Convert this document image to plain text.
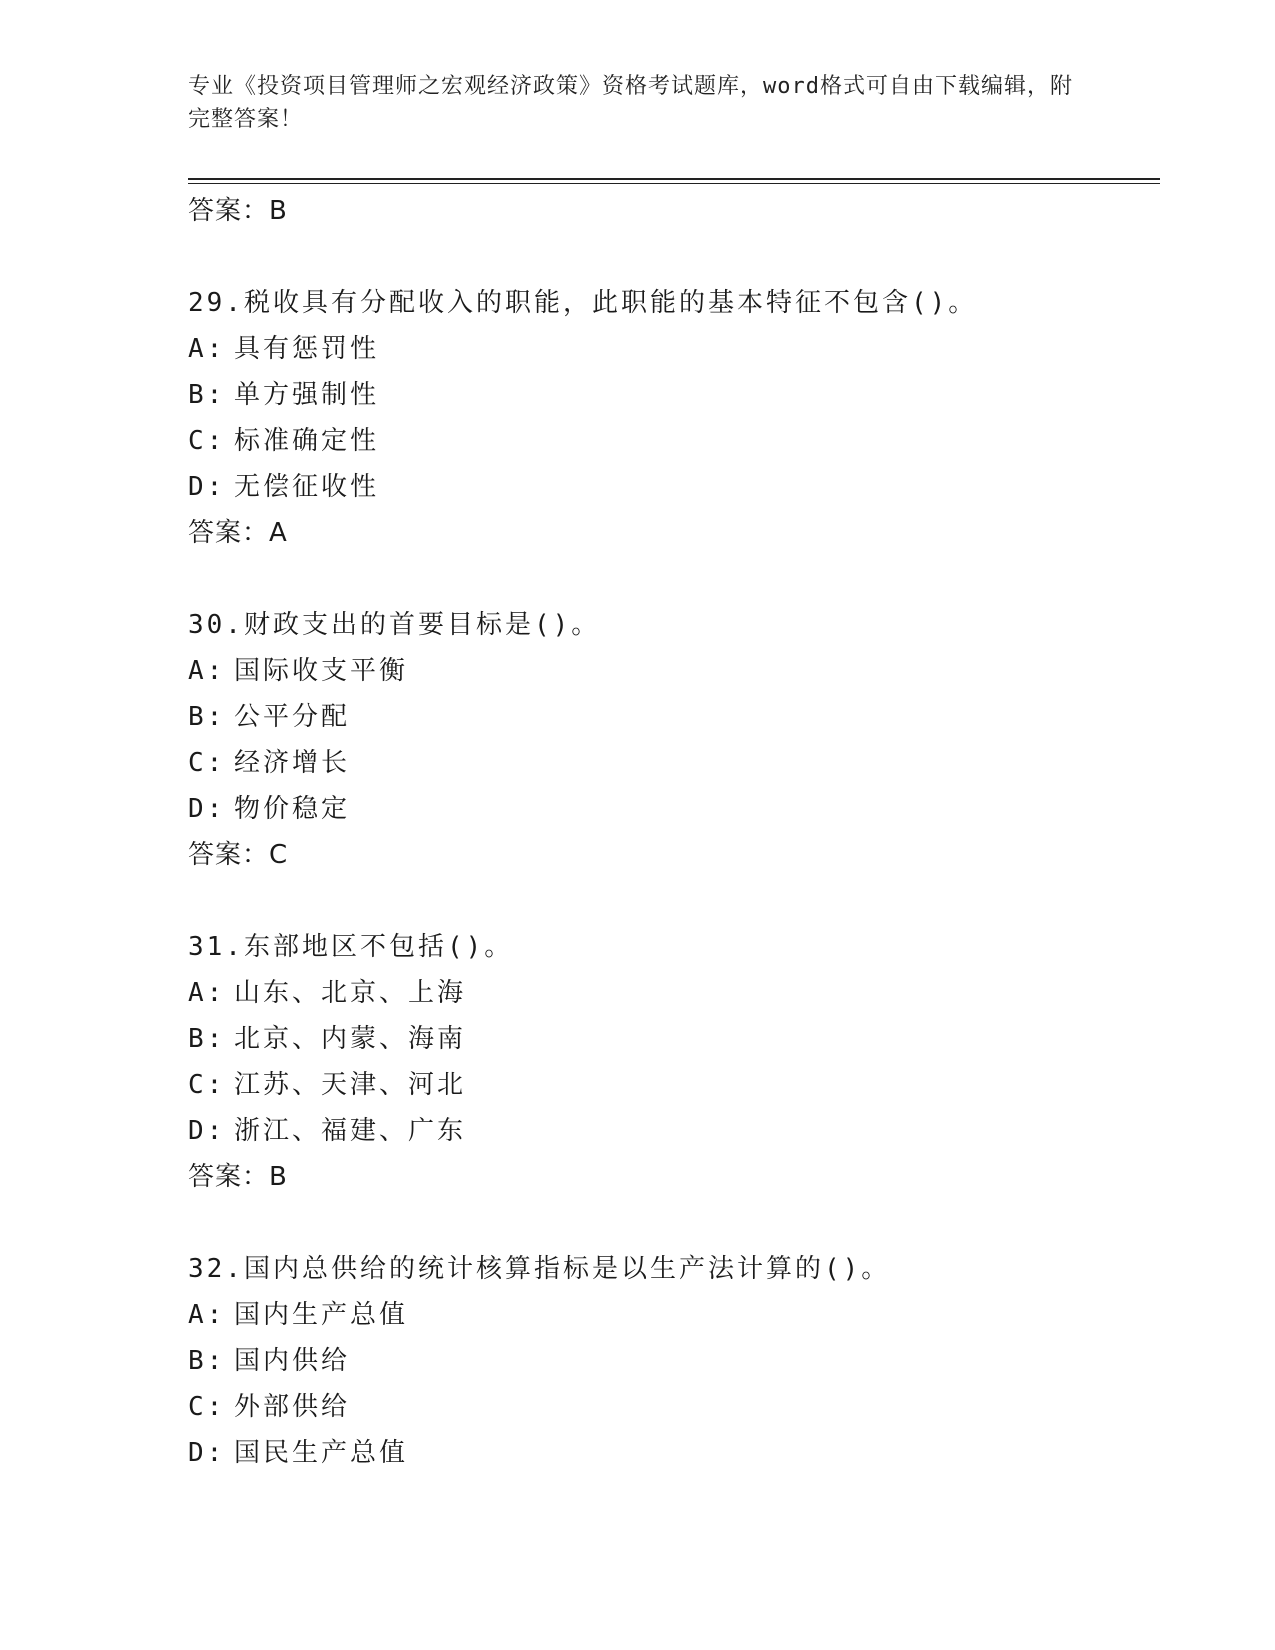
专业《投资项目管理师之宏观经济政策》资格考试题库，word格式可自由下载编辑，附完整答案！
答案：B
29.税收具有分配收入的职能，此职能的基本特征不包含()。
A: 具有惩罚性
B: 单方强制性
C: 标准确定性
D: 无偿征收性
答案：A
30.财政支出的首要目标是()。
A: 国际收支平衡
B: 公平分配
C: 经济增长
D: 物价稳定
答案：C
31.东部地区不包括()。
A: 山东、北京、上海
B: 北京、内蒙、海南
C: 江苏、天津、河北
D: 浙江、福建、广东
答案：B
32.国内总供给的统计核算指标是以生产法计算的()。
A: 国内生产总值
B: 国内供给
C: 外部供给
D: 国民生产总值
